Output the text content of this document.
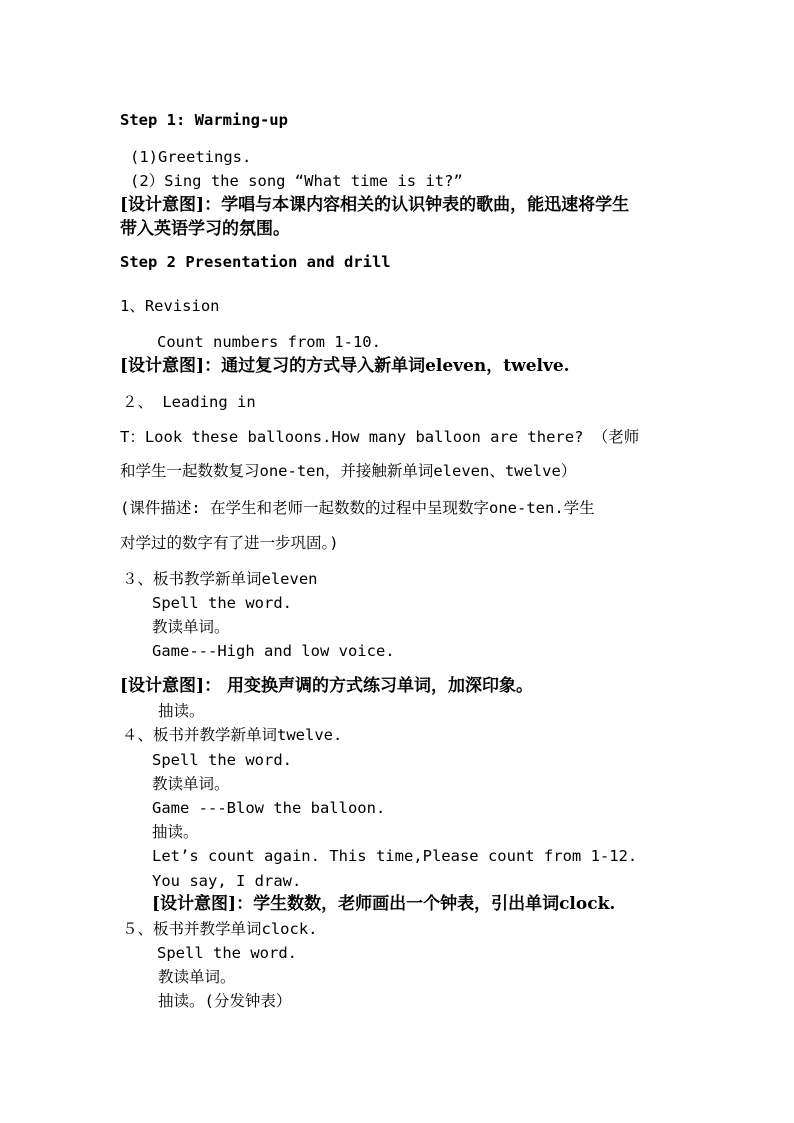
Step 1: Warming-up
(1)Greetings.
(2）Sing the song “What time is it?”
[设计意图]：学唱与本课内容相关的认识钟表的歌曲，能迅速将学生
带入英语学习的氛围。
Step 2 Presentation and drill
1、Revision
Count numbers from 1-10.
[设计意图]：通过复习的方式导入新单词eleven，twelve.
２、 Leading in
T：Look these balloons.How many balloon are there? （老师
和学生一起数数复习one-ten，并接触新单词eleven、twelve）
(课件描述: 在学生和老师一起数数的过程中呈现数字one-ten.学生
对学过的数字有了进一步巩固。)
３、板书教学新单词eleven
Spell the word.
教读单词。
Game---High and low voice.
[设计意图]： 用变换声调的方式练习单词，加深印象。
抽读。
４、板书并教学新单词twelve.
Spell the word.
教读单词。
Game ---Blow the balloon.
抽读。
Let’s count again. This time,Please count from 1-12.
You say, I draw.
[设计意图]：学生数数，老师画出一个钟表，引出单词clock.
５、板书并教学单词clock.
Spell the word.
教读单词。
抽读。(分发钟表）
